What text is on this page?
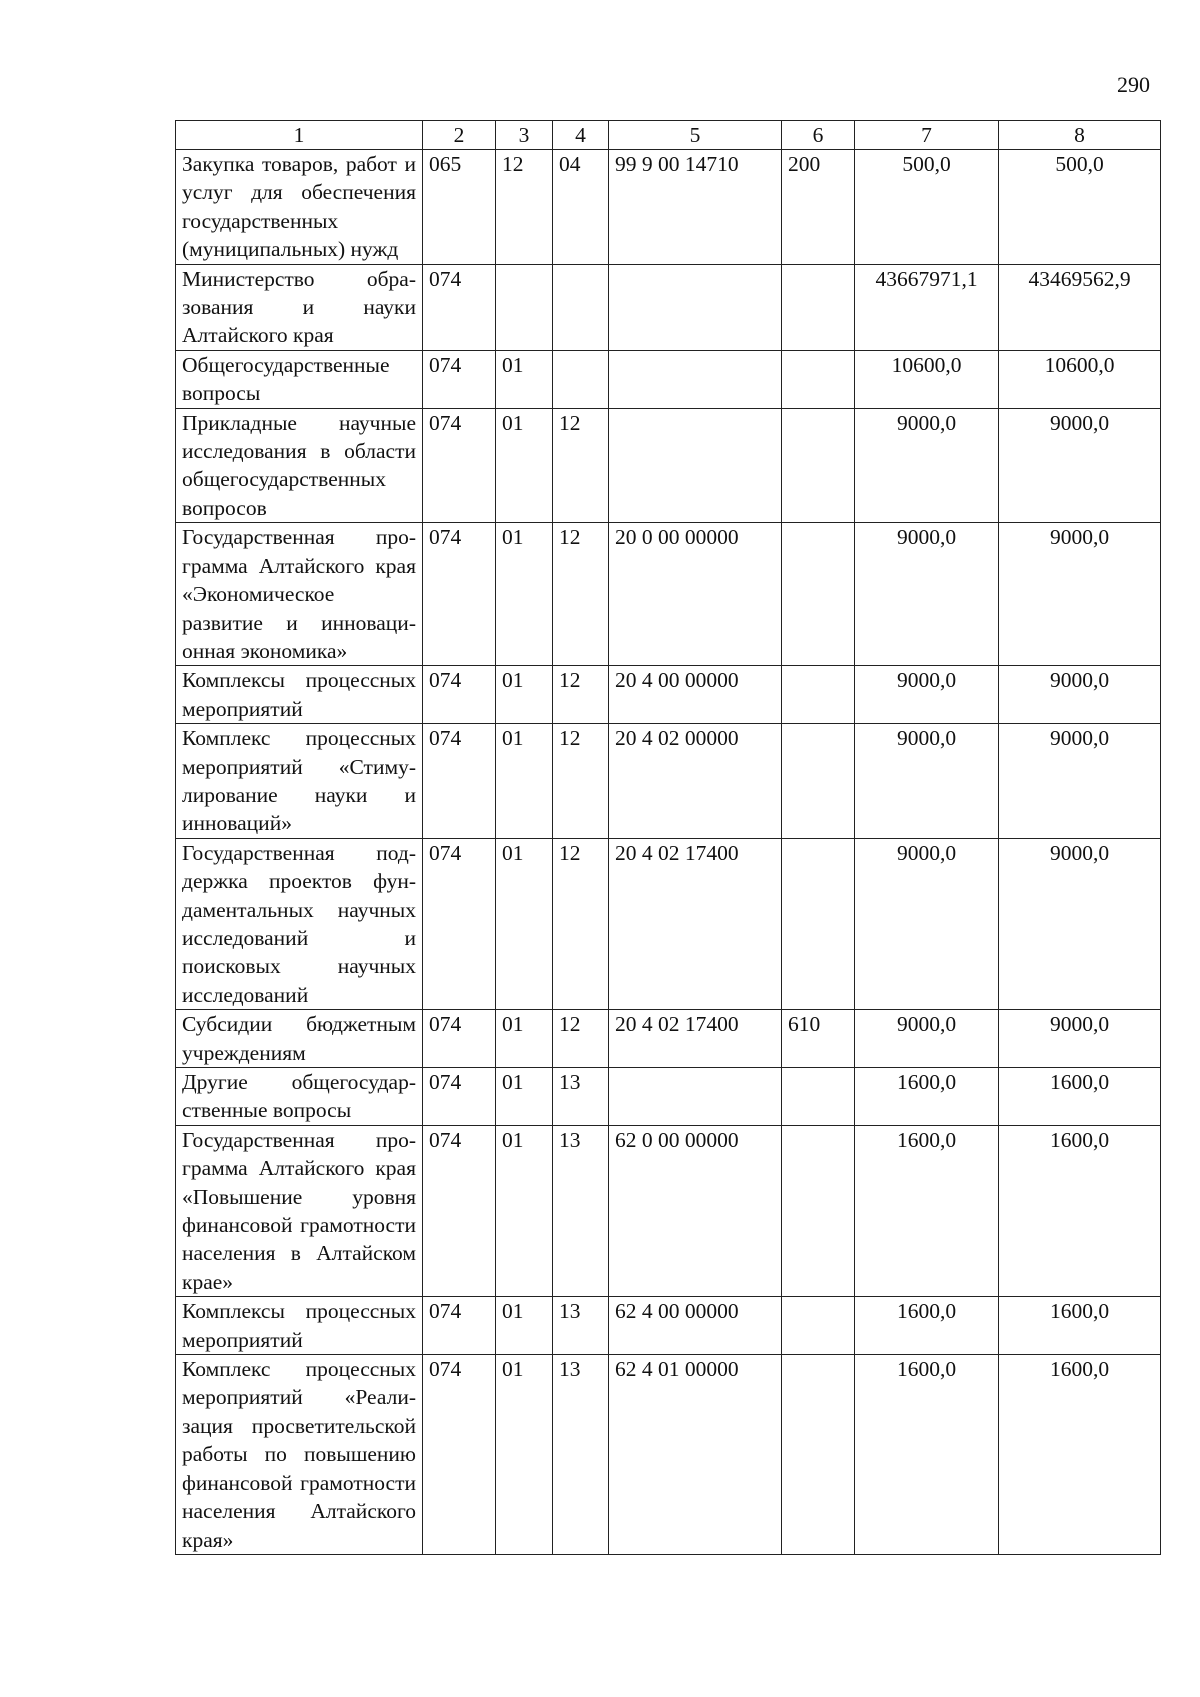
290
1	2	3	4	5	6	7	8
Закупка товаров, работ и услуг для обеспечения государственных (муниципальных) нужд	065	12	04	99 9 00 14710	200	500,0	500,0
Министерство образования и науки Алтайского края	074					43667971,1	43469562,9
Общегосударственные вопросы	074	01				10600,0	10600,0
Прикладные научные исследования в области общегосударственных вопросов	074	01	12			9000,0	9000,0
Государственная программа Алтайского края «Экономическое развитие и инновационная экономика»	074	01	12	20 0 00 00000		9000,0	9000,0
Комплексы процессных мероприятий	074	01	12	20 4 00 00000		9000,0	9000,0
Комплекс процессных мероприятий «Стимулирование науки и инноваций»	074	01	12	20 4 02 00000		9000,0	9000,0
Государственная поддержка проектов фундаментальных научных исследований и поисковых научных исследований	074	01	12	20 4 02 17400		9000,0	9000,0
Субсидии бюджетным учреждениям	074	01	12	20 4 02 17400	610	9000,0	9000,0
Другие общегосударственные вопросы	074	01	13			1600,0	1600,0
Государственная программа Алтайского края «Повышение уровня финансовой грамотности населения в Алтайском крае»	074	01	13	62 0 00 00000		1600,0	1600,0
Комплексы процессных мероприятий	074	01	13	62 4 00 00000		1600,0	1600,0
Комплекс процессных мероприятий «Реализация просветительской работы по повышению финансовой грамотности населения Алтайского края»	074	01	13	62 4 01 00000		1600,0	1600,0
